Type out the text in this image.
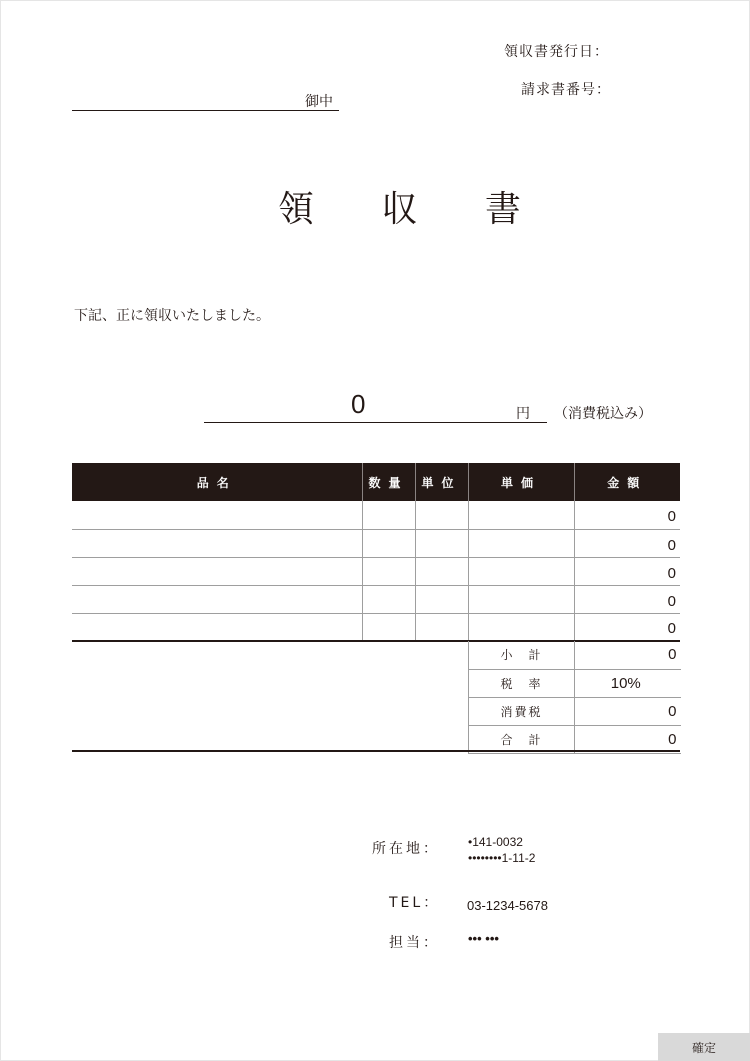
領収書発行日：
請求書番号：
御中
領 収 書
下記、正に領収いたしました。
0	円 （消費税込み）
品名	数量	単位	単価	金額
				0
				0
				0
				0
				0
小　計	0
税　率	10%
消費税	0
合　計	0
所在地： •141-0032
••••••••1-11-2
TEL： 03-1234-5678
担当： ••• •••
確定
